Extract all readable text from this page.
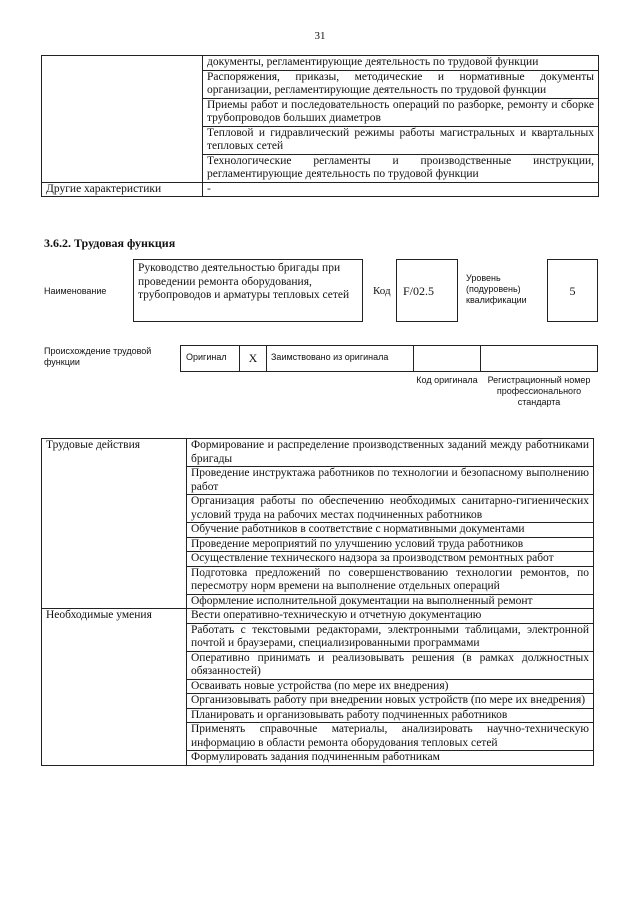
31
	документы, регламентирующие деятельность по трудовой функции
	Распоряжения, приказы, методические и нормативные документы организации, регламентирующие деятельность по трудовой функции
	Приемы работ и последовательность операций по разборке, ремонту и сборке трубопроводов больших диаметров
	Тепловой и гидравлический режимы работы магистральных и квартальных тепловых сетей
	Технологические регламенты и производственные инструкции, регламентирующие деятельность по трудовой функции
Другие характеристики	-
3.6.2. Трудовая функция
Наименование
Руководство деятельностью бригады при проведении ремонта оборудования, трубопроводов и арматуры тепловых сетей	Код	F/02.5
Уровень (подуровень) квалификации
5
Происхождение трудовой функции	Оригинал	X	Заимствовано из оригинала
Код оригинала	Регистрационный номер профессионального стандарта
Трудовые действия	Формирование и распределение производственных заданий между работниками бригады
	Проведение инструктажа работников по технологии и безопасному выполнению работ
	Организация работы по обеспечению необходимых санитарно-гигиенических условий труда на рабочих местах подчиненных работников
	Обучение работников в соответствие с нормативными документами
	Проведение мероприятий по улучшению условий труда работников
	Осуществление технического надзора за производством ремонтных работ
	Подготовка предложений по совершенствованию технологии ремонтов, по пересмотру норм времени на выполнение отдельных операций
	Оформление исполнительной документации на выполненный ремонт
Необходимые умения	Вести оперативно-техническую и отчетную документацию
	Работать с текстовыми редакторами, электронными таблицами, электронной почтой и браузерами, специализированными программами
	Оперативно принимать и реализовывать решения (в рамках должностных обязанностей)
	Осваивать новые устройства (по мере их внедрения)
	Организовывать работу при внедрении новых устройств (по мере их внедрения)
	Планировать и организовывать работу подчиненных работников
	Применять справочные материалы, анализировать научно-техническую информацию в области ремонта оборудования тепловых сетей
	Формулировать задания подчиненным работникам
